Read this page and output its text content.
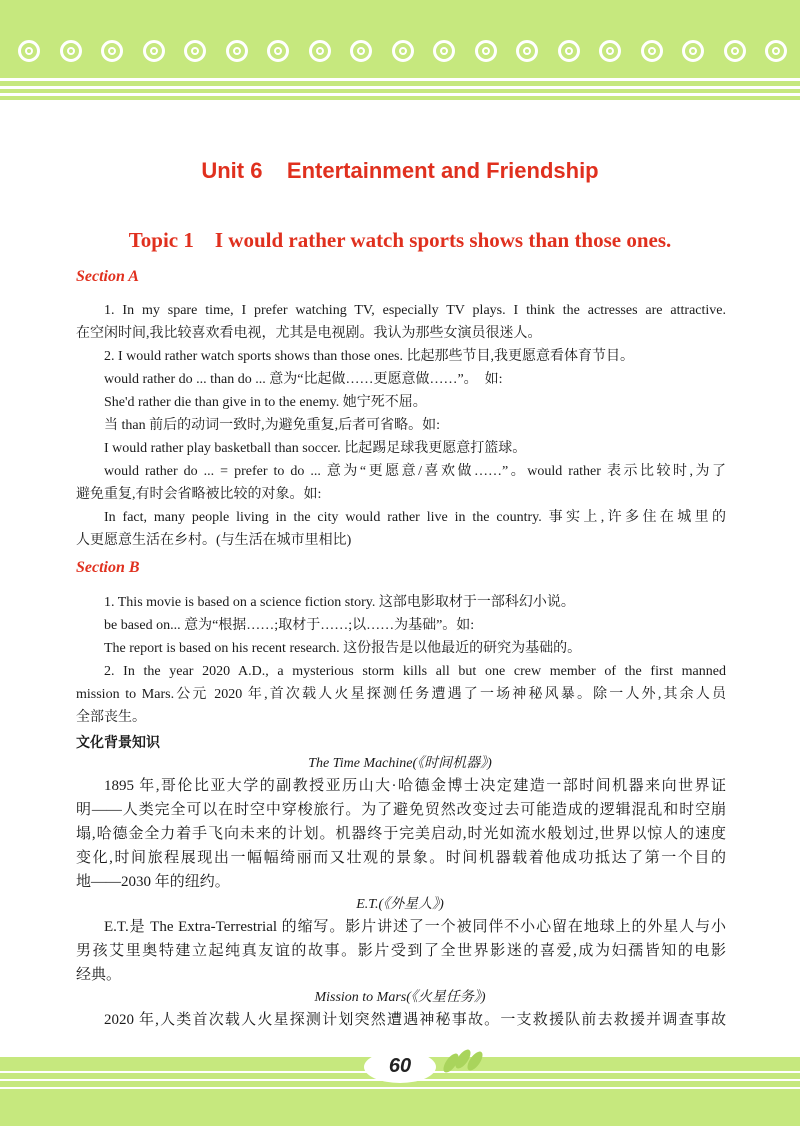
Unit 6    Entertainment and Friendship
Topic 1    I would rather watch sports shows than those ones.
Section A
1. In my spare time, I prefer watching TV, especially TV plays. I think the actresses are attractive.
在空闲时间,我比较喜欢看电视，尤其是电视剧。我认为那些女演员很迷人。
2. I would rather watch sports shows than those ones. 比起那些节目,我更愿意看体育节目。
would rather do ... than do ... 意为“比起做……更愿意做……”。　如:
She'd rather die than give in to the enemy. 她宁死不屈。
当 than 前后的动词一致时,为避免重复,后者可省略。如:
I would rather play basketball than soccer. 比起踢足球我更愿意打篮球。
would rather do ... = prefer to do ... 意为“更愿意/喜欢做……”。would rather 表示比较时,为了
避免重复,有时会省略被比较的对象。如:
In fact, many people living in the city would rather live in the country. 事实上,许多住在城里的
人更愿意生活在乡村。(与生活在城市里相比)
Section B
1. This movie is based on a science fiction story. 这部电影取材于一部科幻小说。
be based on... 意为“根据……;取材于……;以……为基础”。如:
The report is based on his recent research. 这份报告是以他最近的研究为基础的。
2. In the year 2020 A.D., a mysterious storm kills all but one crew member of the first manned
mission to Mars.公元 2020 年,首次载人火星探测任务遭遇了一场神秘风暴。除一人外,其余人员
全部丧生。
文化背景知识
The Time Machine(《时间机器》)
1895 年,哥伦比亚大学的副教授亚历山大·哈德金博士决定建造一部时间机器来向世界证
明——人类完全可以在时空中穿梭旅行。为了避免贸然改变过去可能造成的逻辑混乱和时空崩
塌,哈德金全力着手飞向未来的计划。机器终于完美启动,时光如流水般划过,世界以惊人的速度
变化,时间旅程展现出一幅幅绮丽而又壮观的景象。时间机器载着他成功抵达了第一个目的
地——2030 年的纽约。
E.T.(《外星人》)
E.T.是 The Extra-Terrestrial 的缩写。影片讲述了一个被同伴不小心留在地球上的外星人与小
男孩艾里奥特建立起纯真友谊的故事。影片受到了全世界影迷的喜爱,成为妇孺皆知的电影
经典。
Mission to Mars(《火星任务》)
2020 年,人类首次载人火星探测计划突然遭遇神秘事故。一支救援队前去救援并调查事故
60
